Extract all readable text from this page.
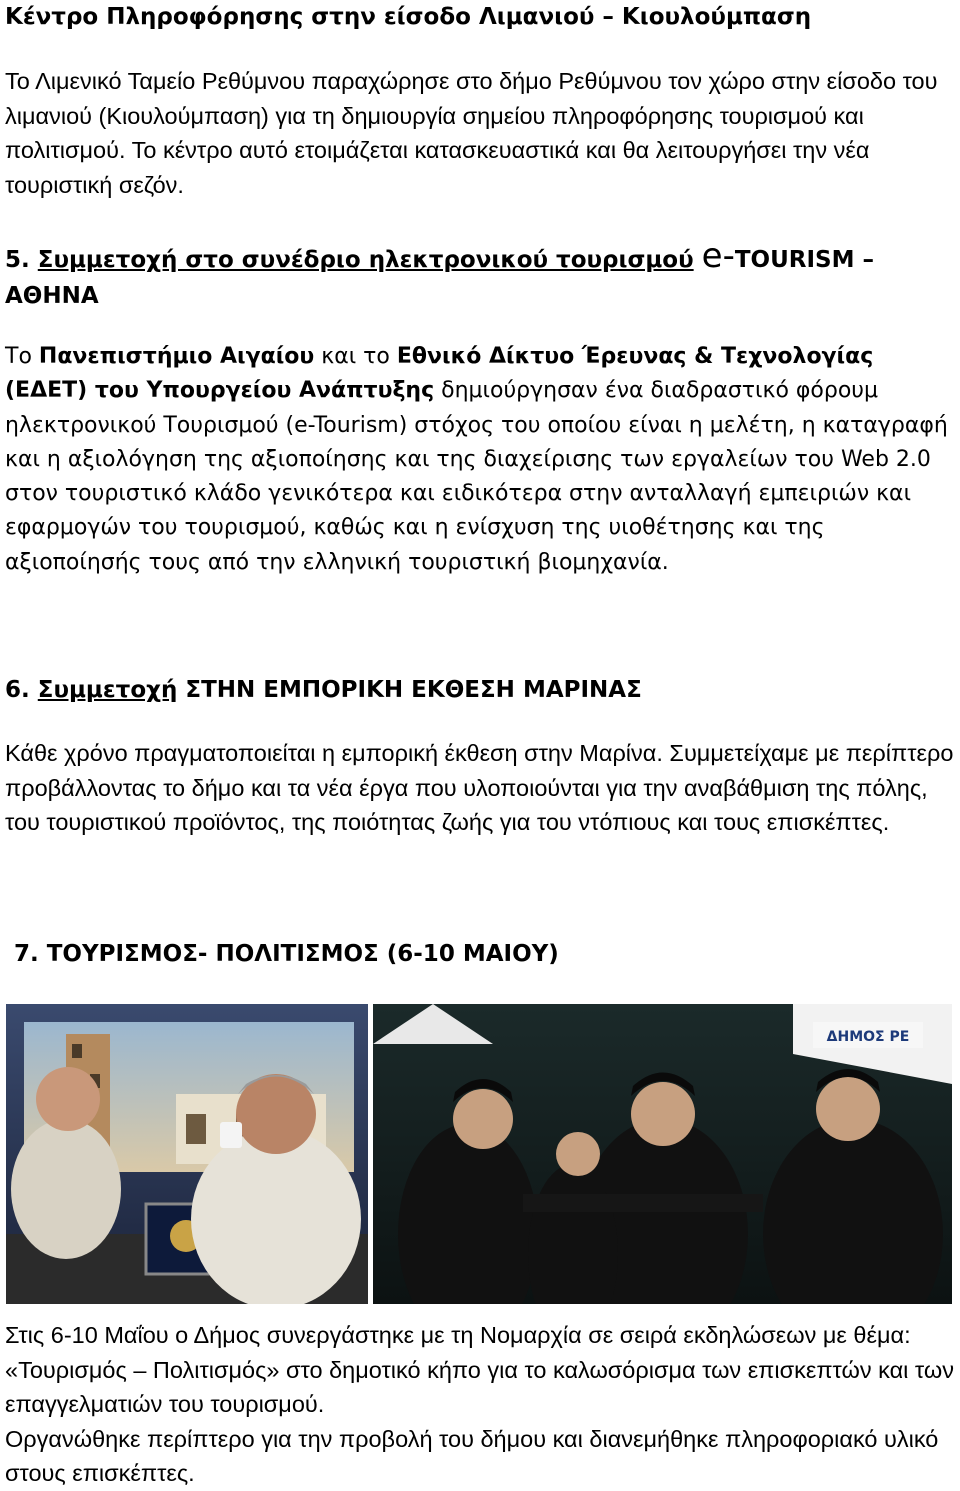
Κέντρο Πληροφόρησης στην είσοδο Λιμανιού – Κιουλούμπαση

Το Λιμενικό Ταμείο Ρεθύμνου παραχώρησε στο δήμο Ρεθύμνου τον χώρο στην είσοδο του λιμανιού (Κιουλούμπαση) για τη δημιουργία σημείου πληροφόρησης τουρισμού και πολιτισμού. Το κέντρο αυτό ετοιμάζεται κατασκευαστικά και θα λειτουργήσει την νέα τουριστική σεζόν.

5. Συμμετοχή στο συνέδριο ηλεκτρονικού τουρισμού e-TOURISM – ΑΘΗΝΑ

Το Πανεπιστήμιο Αιγαίου και το Εθνικό Δίκτυο Έρευνας & Τεχνολογίας (ΕΔΕΤ) του Υπουργείου Ανάπτυξης δημιούργησαν ένα διαδραστικό φόρουμ ηλεκτρονικού Τουρισμού (e-Tourism) στόχος του οποίου είναι η μελέτη, η καταγραφή και η αξιολόγηση της αξιοποίησης και της διαχείρισης των εργαλείων του Web 2.0 στον τουριστικό κλάδο γενικότερα και ειδικότερα στην ανταλλαγή εμπειριών και εφαρμογών του τουρισμού, καθώς και η ενίσχυση της υιοθέτησης και της αξιοποίησής τους από την ελληνική τουριστική βιομηχανία.

6. Συμμετοχή ΣΤΗΝ ΕΜΠΟΡΙΚΗ ΕΚΘΕΣΗ ΜΑΡΙΝΑΣ

Κάθε χρόνο πραγματοποιείται η εμπορική έκθεση στην Μαρίνα. Συμμετείχαμε με περίπτερο προβάλλοντας το δήμο και τα νέα έργα που υλοποιούνται για την αναβάθμιση της πόλης, του τουριστικού προϊόντος, της ποιότητας ζωής για του ντόπιους και τους επισκέπτες.

7. ΤΟΥΡΙΣΜΟΣ- ΠΟΛΙΤΙΣΜΟΣ (6-10 ΜΑΙΟΥ)
ΔΗΜΟΣ ΡΕ

Στις 6-10 Μαΐου ο Δήμος συνεργάστηκε με τη Νομαρχία σε σειρά εκδηλώσεων με θέμα: «Τουρισμός – Πολιτισμός» στο δημοτικό κήπο για το καλωσόρισμα των επισκεπτών και των επαγγελματιών του τουρισμού.
Οργανώθηκε περίπτερο για την προβολή του δήμου και διανεμήθηκε πληροφοριακό υλικό στους επισκέπτες.
